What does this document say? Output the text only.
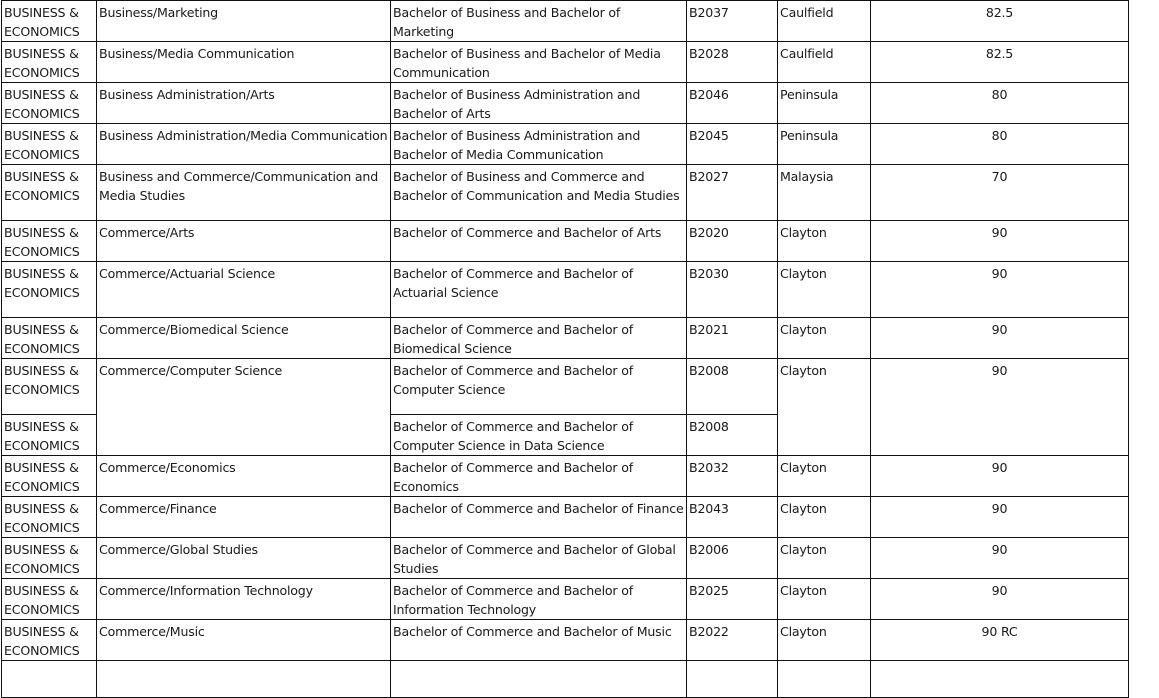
BUSINESS & ECONOMICS	Business/Marketing	Bachelor of Business and Bachelor of Marketing	B2037	Caulfield	82.5
BUSINESS & ECONOMICS	Business/Media Communication	Bachelor of Business and Bachelor of Media Communication	B2028	Caulfield	82.5
BUSINESS & ECONOMICS	Business Administration/Arts	Bachelor of Business Administration and Bachelor of Arts	B2046	Peninsula	80
BUSINESS & ECONOMICS	Business Administration/Media Communication	Bachelor of Business Administration and Bachelor of Media Communication	B2045	Peninsula	80
BUSINESS & ECONOMICS	Business and Commerce/Communication and Media Studies	Bachelor of Business and Commerce and Bachelor of Communication and Media Studies	B2027	Malaysia	70
BUSINESS & ECONOMICS	Commerce/Arts	Bachelor of Commerce and Bachelor of Arts	B2020	Clayton	90
BUSINESS & ECONOMICS	Commerce/Actuarial Science	Bachelor of Commerce and Bachelor of Actuarial Science	B2030	Clayton	90
BUSINESS & ECONOMICS	Commerce/Biomedical Science	Bachelor of Commerce and Bachelor of Biomedical Science	B2021	Clayton	90
BUSINESS & ECONOMICS	Commerce/Computer Science	Bachelor of Commerce and Bachelor of Computer Science	B2008	Clayton	90
BUSINESS & ECONOMICS		Bachelor of Commerce and Bachelor of Computer Science in Data Science	B2008		
BUSINESS & ECONOMICS	Commerce/Economics	Bachelor of Commerce and Bachelor of Economics	B2032	Clayton	90
BUSINESS & ECONOMICS	Commerce/Finance	Bachelor of Commerce and Bachelor of Finance	B2043	Clayton	90
BUSINESS & ECONOMICS	Commerce/Global Studies	Bachelor of Commerce and Bachelor of Global Studies	B2006	Clayton	90
BUSINESS & ECONOMICS	Commerce/Information Technology	Bachelor of Commerce and Bachelor of Information Technology	B2025	Clayton	90
BUSINESS & ECONOMICS	Commerce/Music	Bachelor of Commerce and Bachelor of Music	B2022	Clayton	90 RC
